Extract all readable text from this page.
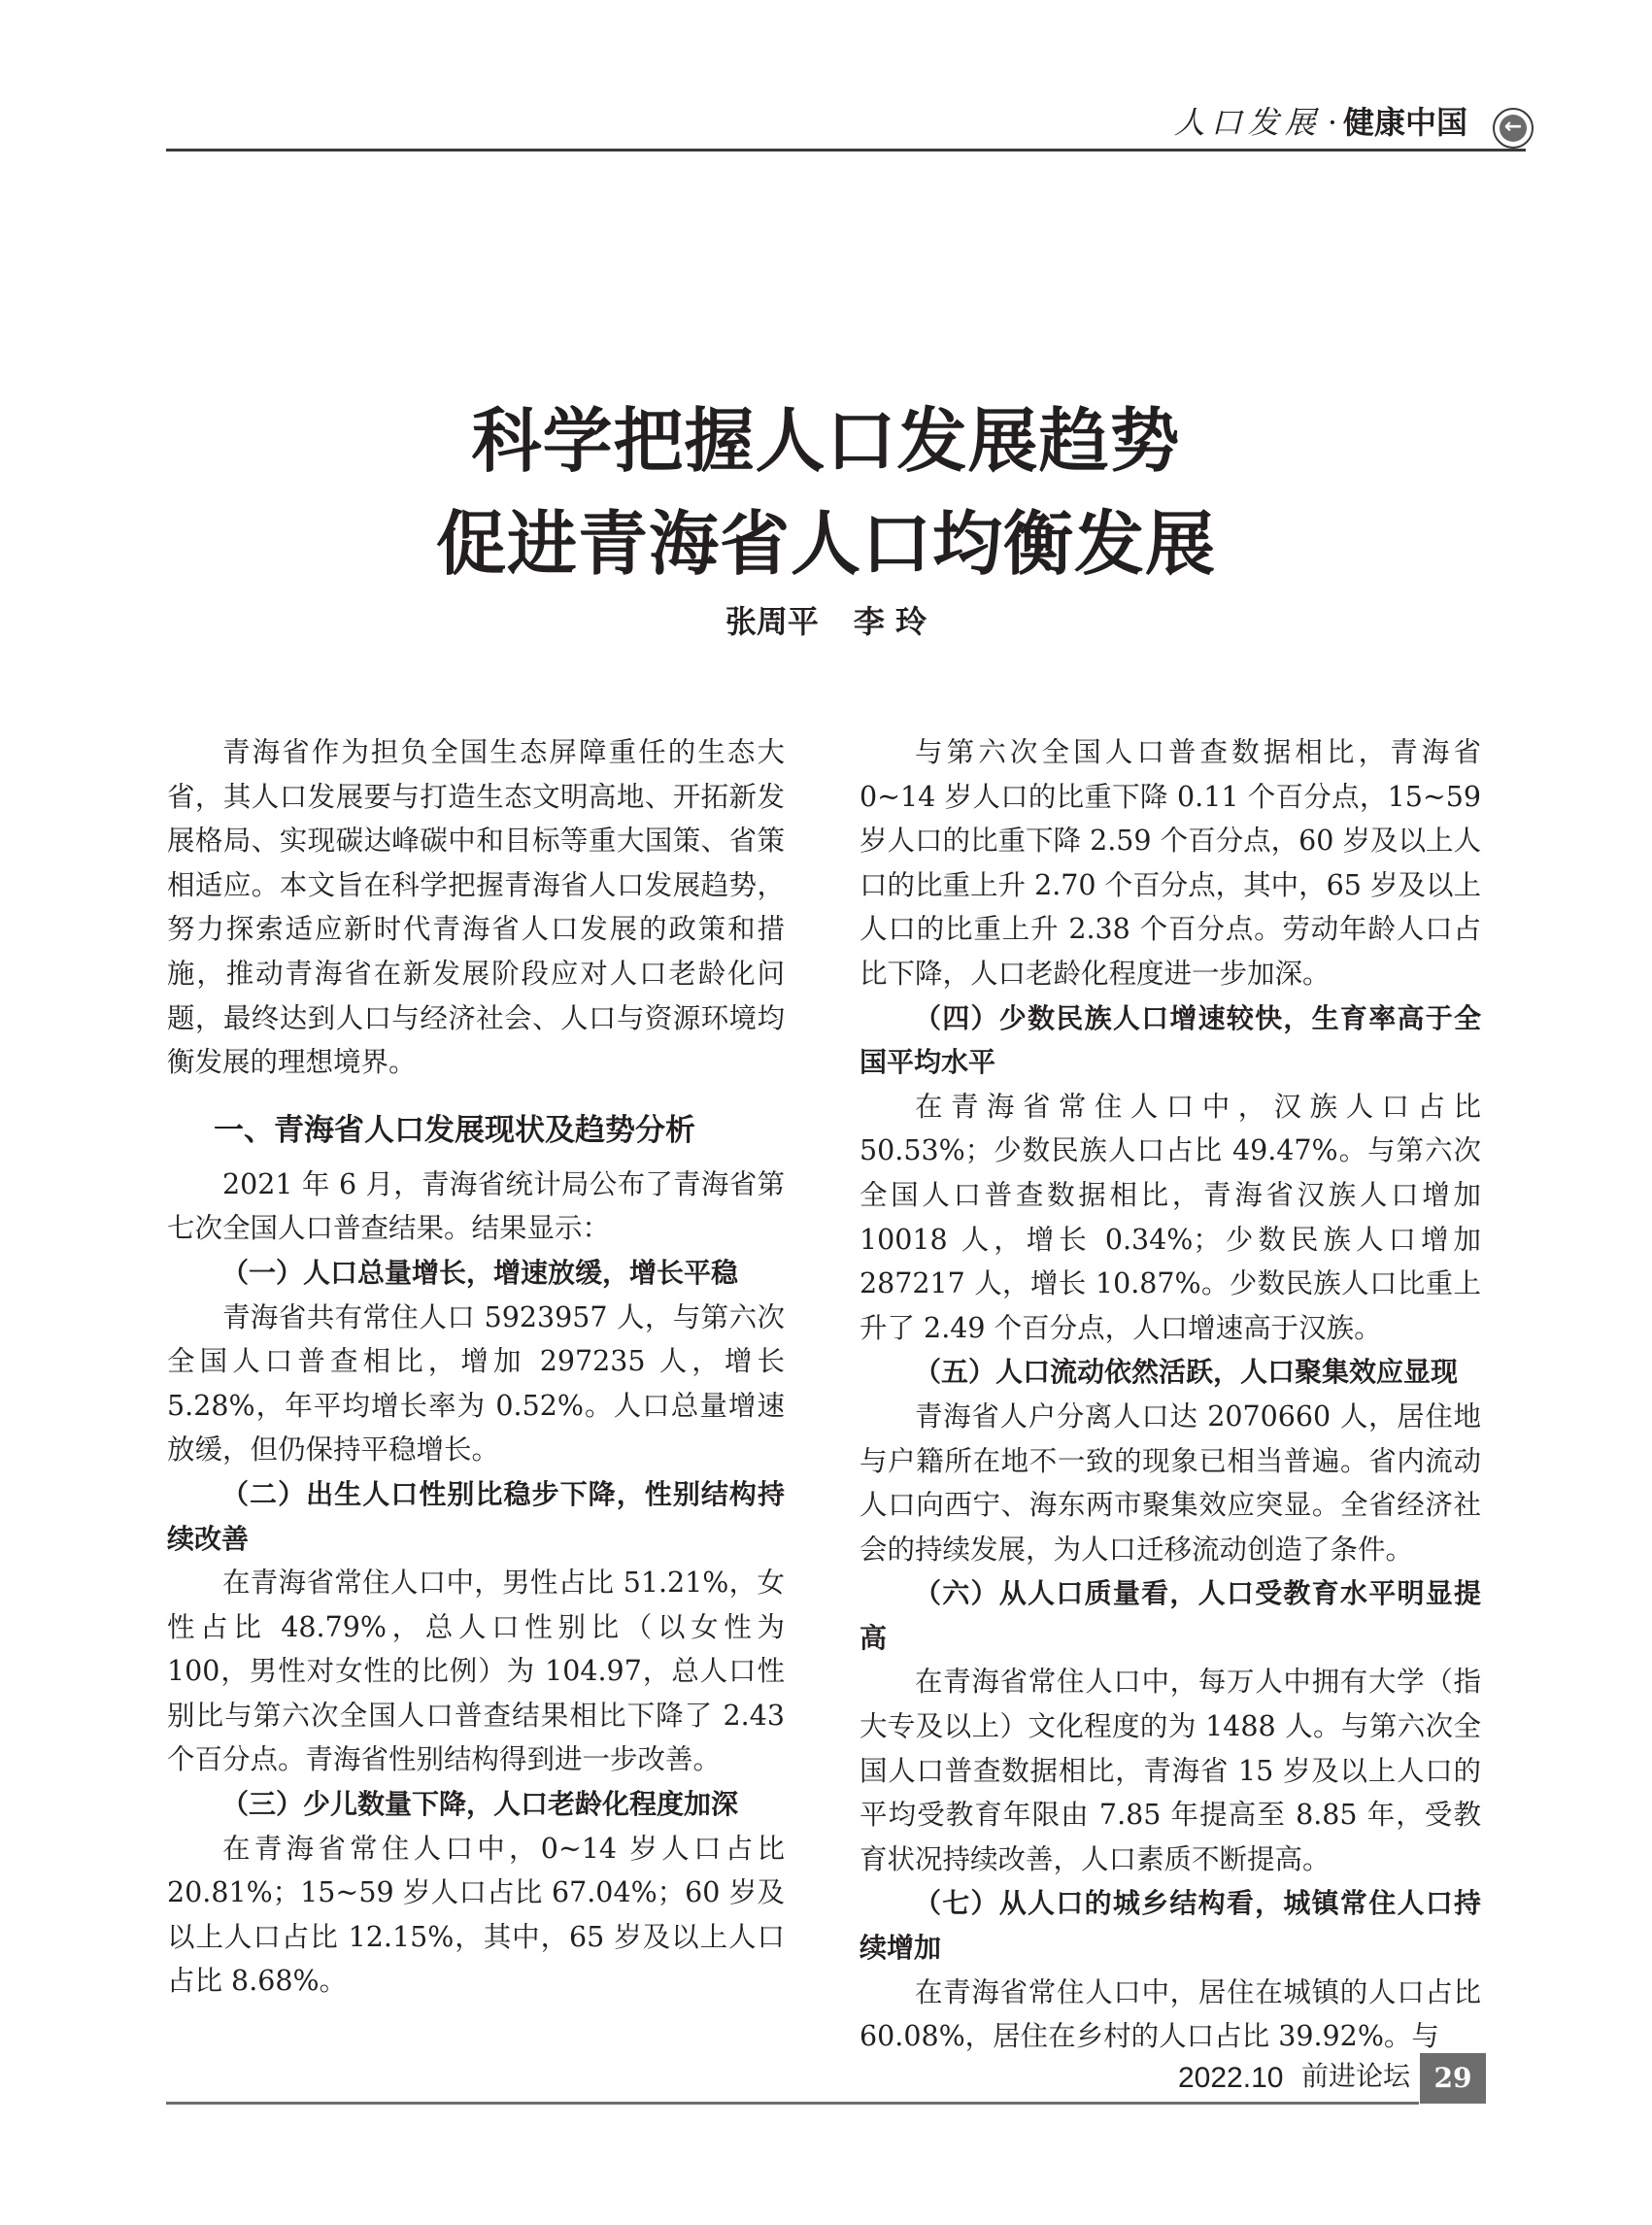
人口发展 · 健康中国 ←
科学把握人口发展趋势
促进青海省人口均衡发展
张周平 李 玲

青海省作为担负全国生态屏障重任的生态大省，其人口发展要与打造生态文明高地、开拓新发展格局、实现碳达峰碳中和目标等重大国策、省策相适应。本文旨在科学把握青海省人口发展趋势，努力探索适应新时代青海省人口发展的政策和措施，推动青海省在新发展阶段应对人口老龄化问题，最终达到人口与经济社会、人口与资源环境均衡发展的理想境界。

一、青海省人口发展现状及趋势分析

2021 年 6 月，青海省统计局公布了青海省第七次全国人口普查结果。结果显示：

（一）人口总量增长，增速放缓，增长平稳

青海省共有常住人口 5923957 人，与第六次全国人口普查相比，增加 297235 人，增长 5.28%，年平均增长率为 0.52%。人口总量增速放缓，但仍保持平稳增长。

（二）出生人口性别比稳步下降，性别结构持续改善

在青海省常住人口中，男性占比 51.21%，女性占比 48.79%，总人口性别比（以女性为 100，男性对女性的比例）为 104.97，总人口性别比与第六次全国人口普查结果相比下降了 2.43 个百分点。青海省性别结构得到进一步改善。

（三）少儿数量下降，人口老龄化程度加深

在青海省常住人口中，0~14 岁人口占比 20.81%；15~59 岁人口占比 67.04%；60 岁及以上人口占比 12.15%，其中，65 岁及以上人口占比 8.68%。

与第六次全国人口普查数据相比，青海省 0~14 岁人口的比重下降 0.11 个百分点，15~59 岁人口的比重下降 2.59 个百分点，60 岁及以上人口的比重上升 2.70 个百分点，其中，65 岁及以上人口的比重上升 2.38 个百分点。劳动年龄人口占比下降，人口老龄化程度进一步加深。

（四）少数民族人口增速较快，生育率高于全国平均水平

在青海省常住人口中，汉族人口占比 50.53%；少数民族人口占比 49.47%。与第六次全国人口普查数据相比，青海省汉族人口增加 10018 人，增长 0.34%；少数民族人口增加 287217 人，增长 10.87%。少数民族人口比重上升了 2.49 个百分点，人口增速高于汉族。

（五）人口流动依然活跃，人口聚集效应显现

青海省人户分离人口达 2070660 人，居住地与户籍所在地不一致的现象已相当普遍。省内流动人口向西宁、海东两市聚集效应突显。全省经济社会的持续发展，为人口迁移流动创造了条件。

（六）从人口质量看，人口受教育水平明显提高

在青海省常住人口中，每万人中拥有大学（指大专及以上）文化程度的为 1488 人。与第六次全国人口普查数据相比，青海省 15 岁及以上人口的平均受教育年限由 7.85 年提高至 8.85 年，受教育状况持续改善，人口素质不断提高。

（七）从人口的城乡结构看，城镇常住人口持续增加

在青海省常住人口中，居住在城镇的人口占比 60.08%，居住在乡村的人口占比 39.92%。与

2022.10 前进论坛 29
